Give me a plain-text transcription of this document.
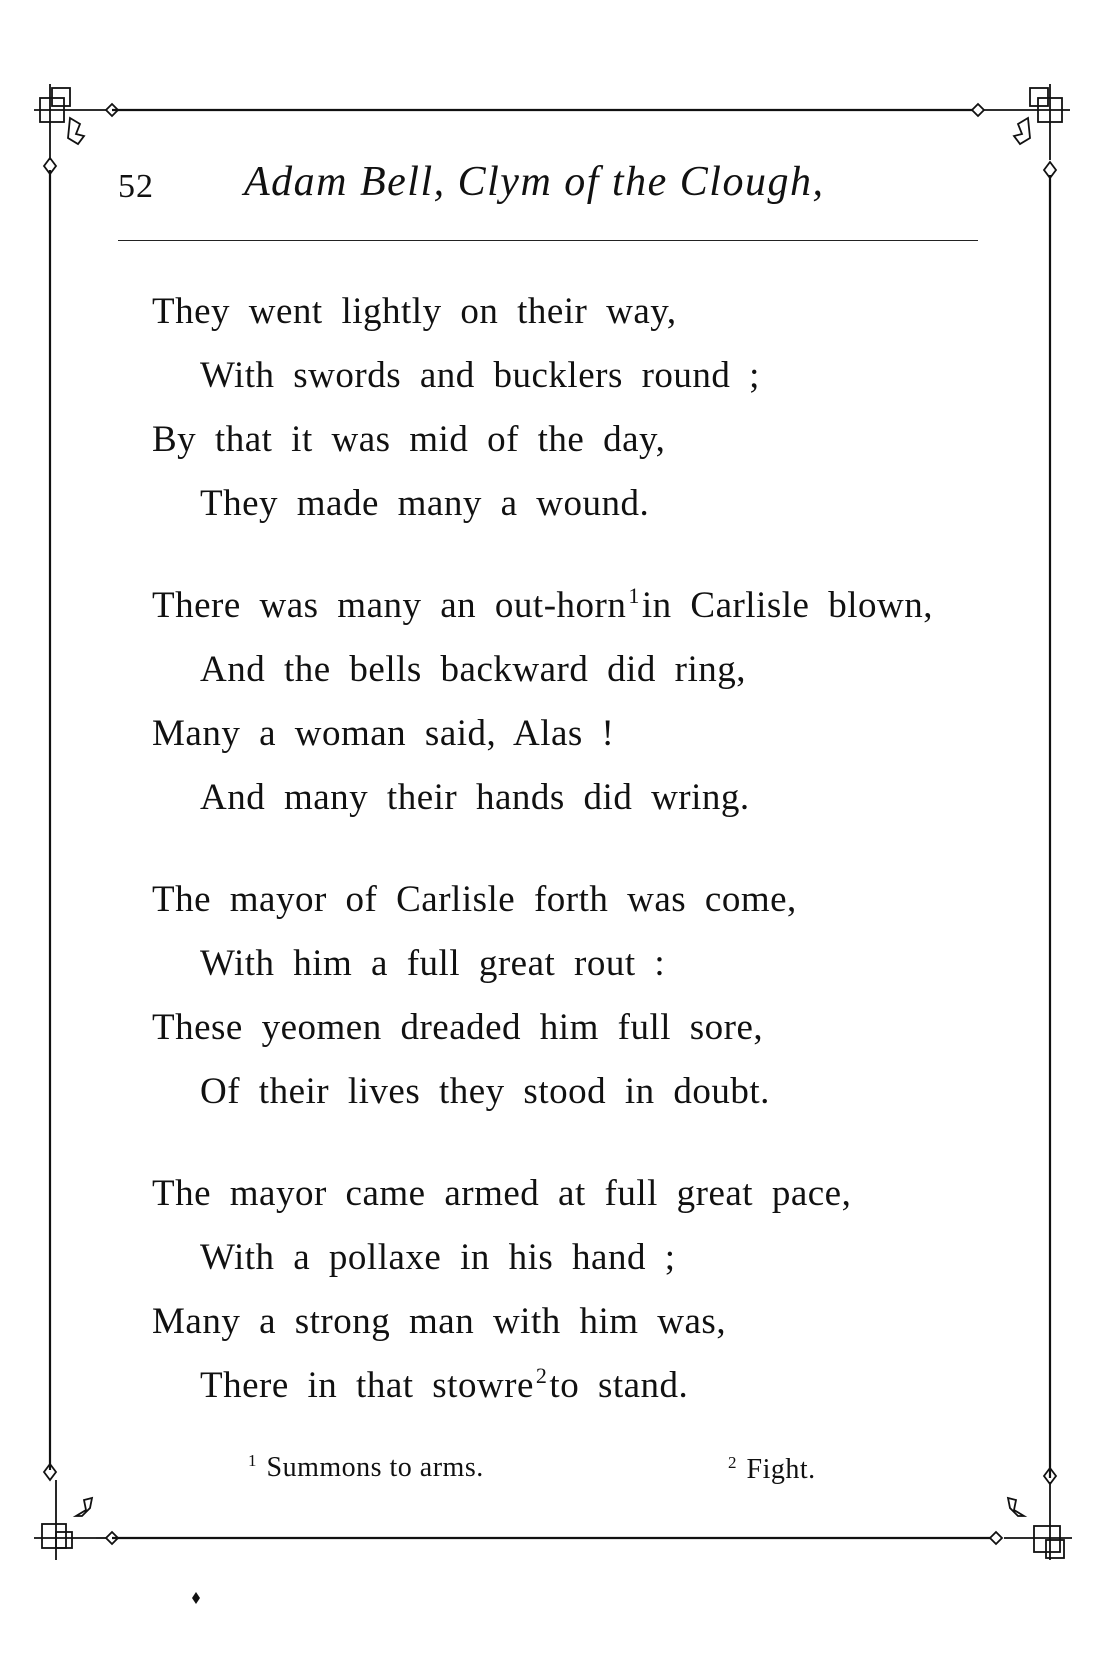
52 Adam Bell, Clym of the Clough,
They went lightly on their way,
With swords and bucklers round ;
By that it was mid of the day,
They made many a wound.
There was many an out-horn$^1$in Carlisle blown,
And the bells backward did ring,
Many a woman said, Alas !
And many their hands did wring.
The mayor of Carlisle forth was come,
With him a full great rout :
These yeomen dreaded him full sore,
Of their lives they stood in doubt.
The mayor came armed at full great pace,
With a pollaxe in his hand ;
Many a strong man with him was,
There in that stowre$^2$to stand.
$^1$ Summons to arms.	$^2$ Fight.
